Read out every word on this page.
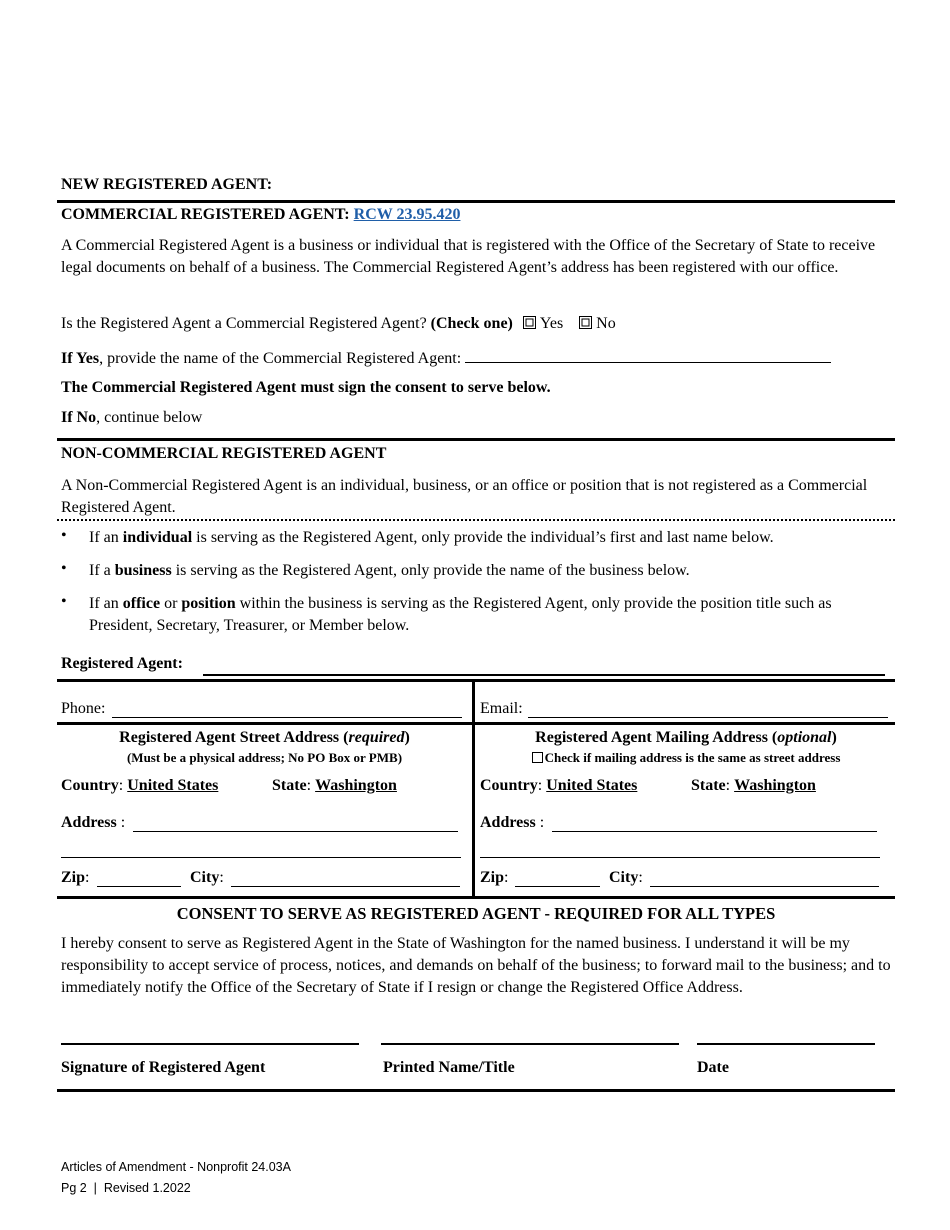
NEW REGISTERED AGENT:
COMMERCIAL REGISTERED AGENT: RCW 23.95.420
A Commercial Registered Agent is a business or individual that is registered with the Office of the Secretary of State to receive legal documents on behalf of a business. The Commercial Registered Agent’s address has been registered with our office.
Is the Registered Agent a Commercial Registered Agent? (Check one) Yes No
If Yes, provide the name of the Commercial Registered Agent:
The Commercial Registered Agent must sign the consent to serve below.
If No, continue below
NON-COMMERCIAL REGISTERED AGENT
A Non-Commercial Registered Agent is an individual, business, or an office or position that is not registered as a Commercial Registered Agent.
• If an individual is serving as the Registered Agent, only provide the individual’s first and last name below.
• If a business is serving as the Registered Agent, only provide the name of the business below.
• If an office or position within the business is serving as the Registered Agent, only provide the position title such as President, Secretary, Treasurer, or Member below.
Registered Agent:
Phone:	Email:
Registered Agent Street Address (required)
(Must be a physical address; No PO Box or PMB)
Country: United States	State: Washington
Address :
Zip:	City:
Registered Agent Mailing Address (optional)
Check if mailing address is the same as street address
Country: United States	State: Washington
Address :
Zip:	City:
CONSENT TO SERVE AS REGISTERED AGENT - REQUIRED FOR ALL TYPES
I hereby consent to serve as Registered Agent in the State of Washington for the named business. I understand it will be my responsibility to accept service of process, notices, and demands on behalf of the business; to forward mail to the business; and to immediately notify the Office of the Secretary of State if I resign or change the Registered Office Address.
Signature of Registered Agent	Printed Name/Title	Date
Articles of Amendment - Nonprofit 24.03A
Pg 2  |  Revised 1.2022
